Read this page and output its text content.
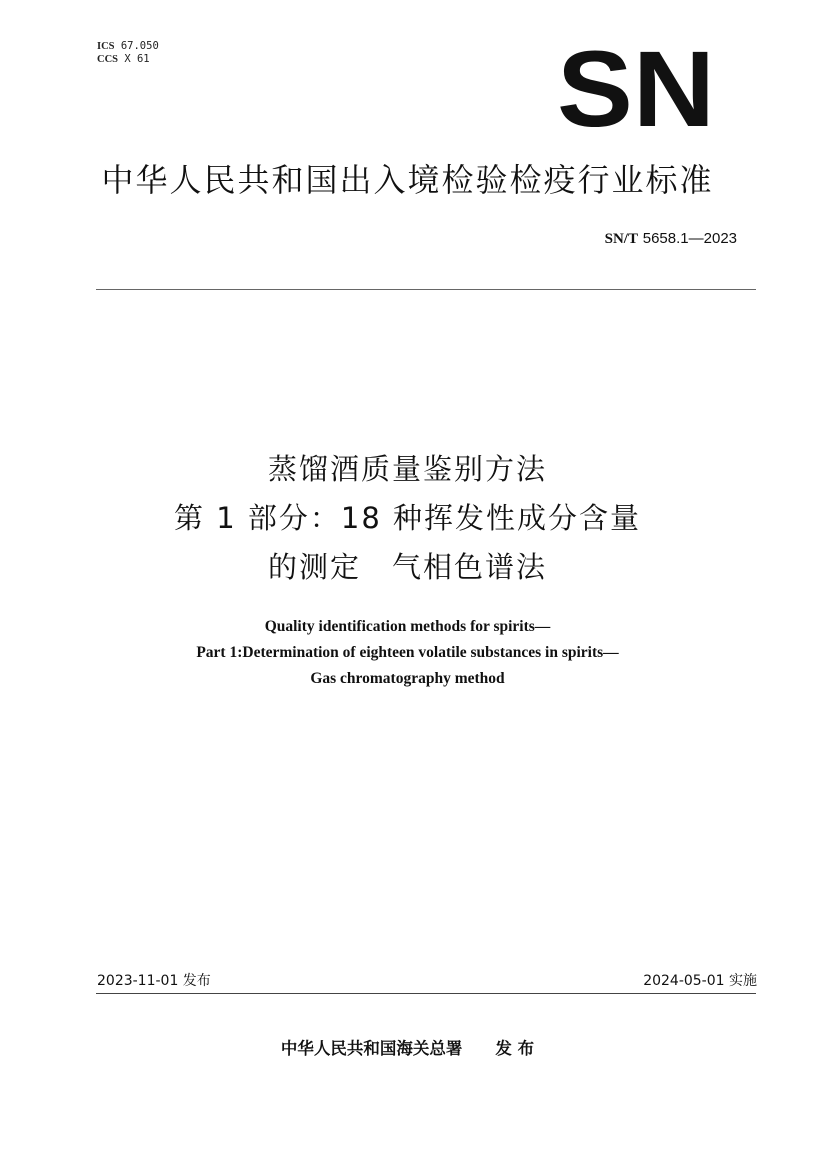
ICS 67.050
CCS X 61	SN
中华人民共和国出入境检验检疫行业标准
SN/T 5658.1—2023
蒸馏酒质量鉴别方法
第 1 部分：18 种挥发性成分含量
的测定　气相色谱法
Quality identification methods for spirits—
Part 1:Determination of eighteen volatile substances in spirits—
Gas chromatography method
2023-11-01 发布	2024-05-01 实施
中华人民共和国海关总署　　发 布
